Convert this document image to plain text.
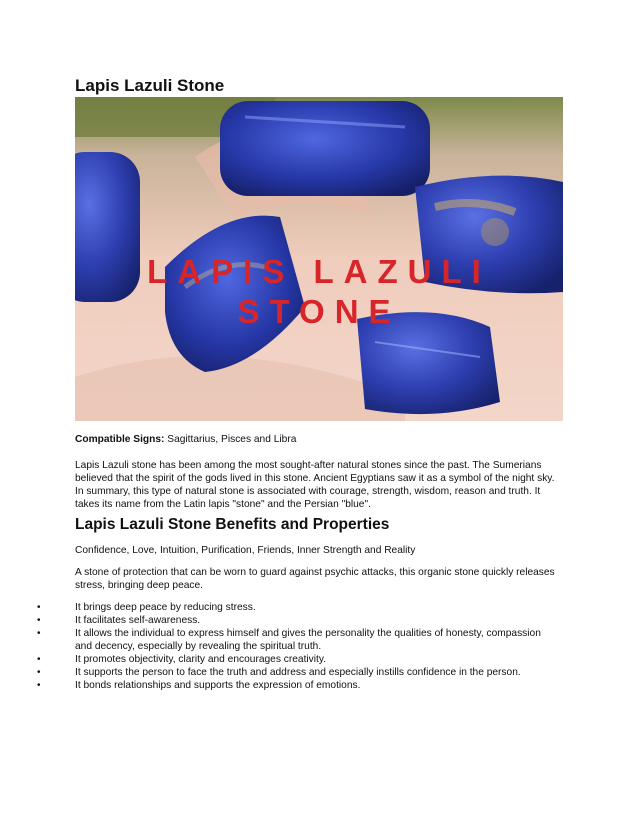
Lapis Lazuli Stone
LAPIS LAZULI
STONE

Compatible Signs: Sagittarius, Pisces and Libra

Lapis Lazuli stone has been among the most sought-after natural stones since the past. The Sumerians believed that the spirit of the gods lived in this stone. Ancient Egyptians saw it as a symbol of the night sky. In summary, this type of natural stone is associated with courage, strength, wisdom, reason and truth. It takes its name from the Latin lapis "stone" and the Persian "blue".

Lapis Lazuli Stone Benefits and Properties

Confidence, Love, Intuition, Purification, Friends, Inner Strength and Reality

A stone of protection that can be worn to guard against psychic attacks, this organic stone quickly releases stress, bringing deep peace.

•	It brings deep peace by reducing stress.
•	It facilitates self-awareness.
•	It allows the individual to express himself and gives the personality the qualities of honesty, compassion and decency, especially by revealing the spiritual truth.
•	It promotes objectivity, clarity and encourages creativity.
•	It supports the person to face the truth and address and especially instills confidence in the person.
•	It bonds relationships and supports the expression of emotions.
